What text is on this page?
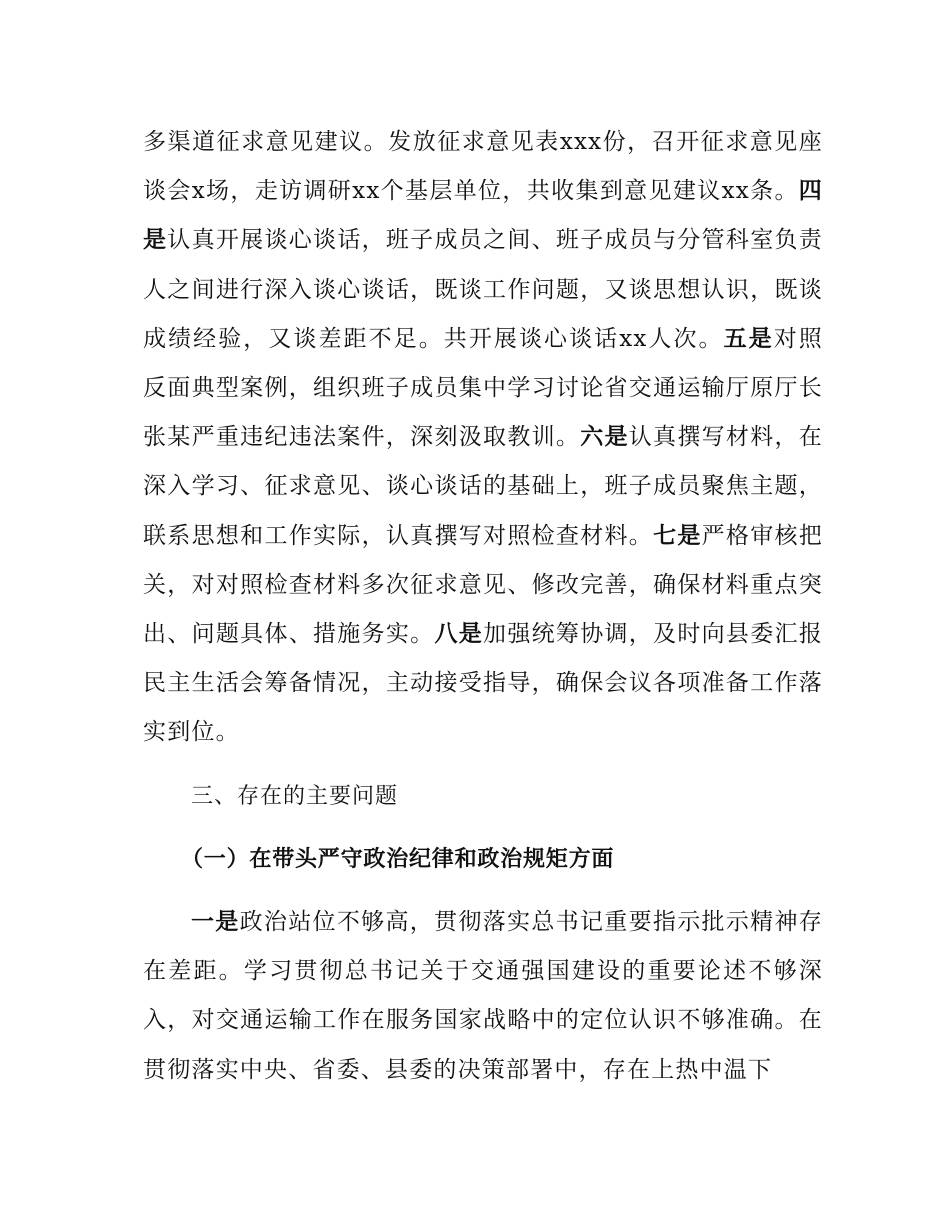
多渠道征求意见建议。发放征求意见表xxx份，召开征求意见座谈会x场，走访调研xx个基层单位，共收集到意见建议xx条。四是认真开展谈心谈话，班子成员之间、班子成员与分管科室负责人之间进行深入谈心谈话，既谈工作问题，又谈思想认识，既谈成绩经验，又谈差距不足。共开展谈心谈话xx人次。五是对照反面典型案例，组织班子成员集中学习讨论省交通运输厅原厅长张某严重违纪违法案件，深刻汲取教训。六是认真撰写材料，在深入学习、征求意见、谈心谈话的基础上，班子成员聚焦主题，联系思想和工作实际，认真撰写对照检查材料。七是严格审核把关，对对照检查材料多次征求意见、修改完善，确保材料重点突出、问题具体、措施务实。八是加强统筹协调，及时向县委汇报民主生活会筹备情况，主动接受指导，确保会议各项准备工作落实到位。

三、存在的主要问题
（一）在带头严守政治纪律和政治规矩方面

一是政治站位不够高，贯彻落实总书记重要指示批示精神存在差距。学习贯彻总书记关于交通强国建设的重要论述不够深入，对交通运输工作在服务国家战略中的定位认识不够准确。在贯彻落实中央、省委、县委的决策部署中，存在上热中温下
